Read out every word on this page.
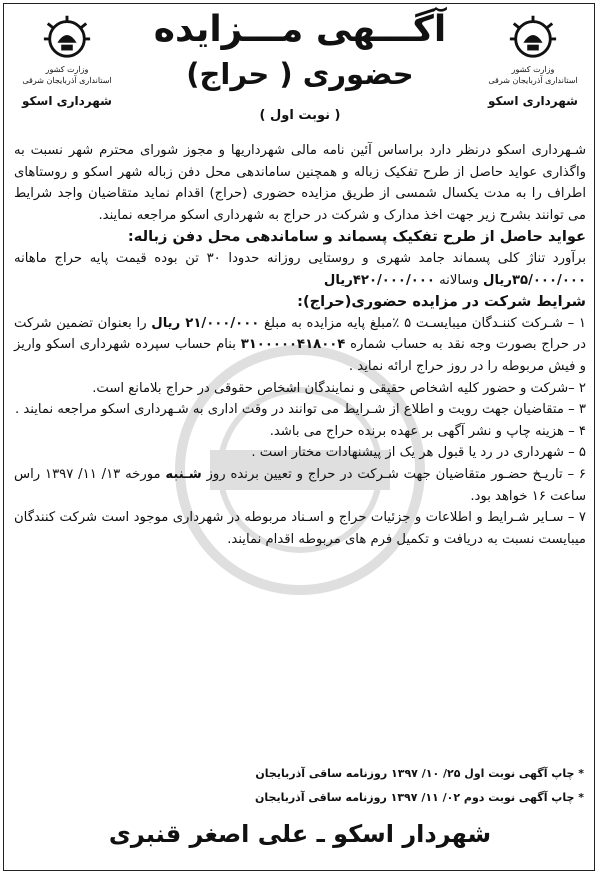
وزارت کشور
استانداری آذربایجان شرقی
شهرداری اسکو
وزارت کشور
استانداری آذربایجان شرقی
شهرداری اسکو
آگـــهی مـــزایده
حضوری ( حراج)
( نوبت اول )

شـهرداری اسکو درنظر دارد براساس آئین نامه مالی شهرداریها و مجوز شورای محترم شهر نسبت به واگذاری عواید حاصل از طرح تفکیک زباله و همچنین ساماندهی محل دفن زباله شهر اسکو و روستاهای اطراف را به مدت یکسال شمسی از طریق مزایده حضوری (حراج) اقدام نماید متقاضیان واجد شرایط می توانند بشرح زیر جهت اخذ مدارک و شرکت در حراج به شهرداری اسکو مراجعه نمایند.

عواید حاصل از طرح تفکیک پسماند و ساماندهی محل دفن زباله:

برآورد تناژ کلی پسماند جامد شهری و روستایی روزانه حدودا ۳۰ تن بوده قیمت پایه حراج ماهانه ۳۵/۰۰۰/۰۰۰ریال وسالانه ۴۲۰/۰۰۰/۰۰۰ریال

شرایط شرکت در مزایده حضوری(حراج):

۱ – شـرکت کننـدگان میبایسـت ۵ ٪مبلغ پایه مزایده به مبلغ ۲۱/۰۰۰/۰۰۰ ریال را بعنوان تضمین شرکت در حراج بصورت وجه نقد به حساب شماره ۳۱۰۰۰۰۰۴۱۸۰۰۴ بنام حساب سپرده شهرداری اسکو واریز و فیش مربوطه را در روز حراج ارائه نماید .

۲ –شرکت و حضور کلیه اشخاص حقیقی و نمایندگان اشخاص حقوقی در حراج بلامانع است.

۳ – متقاضیان جهت رویت و اطلاع از شـرایط می توانند در وقت اداری به شـهرداری اسکو مراجعه نمایند .

۴ – هزینه چاپ و نشر آگهی بر عهده برنده حراج می باشد.

۵ – شهرداری در رد یا قبول هر یک از پیشنهادات مختار است .

۶ – تاریـخ حضـور متقاضیان جهت شـرکت در حراج و تعیین برنده روز شـنبه مورخه ۱۳/ ۱۱/ ۱۳۹۷ راس ساعت ۱۶ خواهد بود.

۷ – سـایر شـرایط و اطلاعات و جزئیات حراج و اسـناد مربوطه در شهرداری موجود است شرکت کنندگان میبایست نسبت به دریافت و تکمیل فرم های مربوطه اقدام نمایند.

* چاپ آگهی نوبت اول ۲۵/ ۱۰/ ۱۳۹۷ روزنامه ساقی آذربایجان
* چاپ آگهی نوبت دوم ۰۲/ ۱۱/ ۱۳۹۷ روزنامه ساقی آذربایجان
شهردار اسکو ـ علی اصغر قنبری
